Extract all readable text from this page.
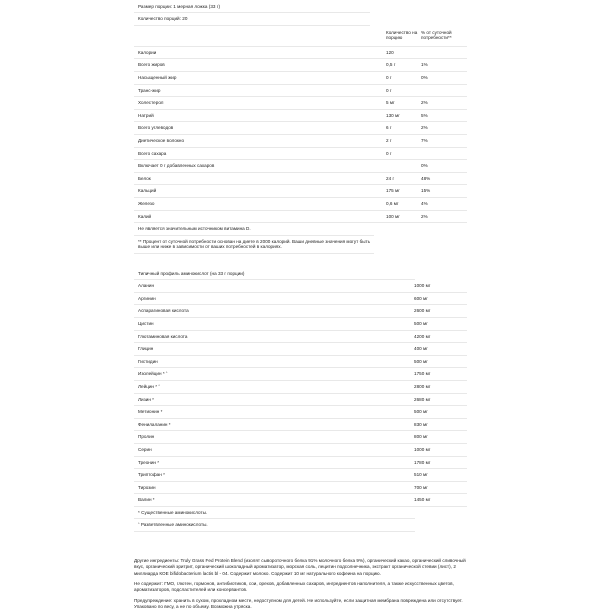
Размер порции: 1 мерная ложка (33 г)
Количество порций: 20
Количество на порцию
% от суточной потребности**
Калории	120
Всего жиров	0,5 г	1%
Насыщенный жир	0 г	0%
Транс-жир	0 г
Холестерол	5 мг	2%
Натрий	130 мг	5%
Всего углеводов	6 г	2%
Диетическое волокно	2 г	7%
Всего сахара	0 г
Включает 0 г добавленных сахаров	0%
Белок	24 г	48%
Кальций	175 мг	15%
Железо	0,6 мг	4%
Калий	100 мг	2%
Не является значительным источником витамина D.
** Процент от суточной потребности основан на диете в 2000 калорий. Ваши дневные значения могут быть выше или ниже в зависимости от ваших потребностей в калориях.
Типичный профиль аминокислот (на 33 г порции)
Аланин	1000 мг
Аргинин	600 мг
Аспарагиновая кислота	2600 мг
Цистин	500 мг
Глютаминовая кислота	4200 мг
Глицин	400 мг
Гистидин	500 мг
Изолейцин * ˆ	1750 мг
Лейцин * ˆ	2800 мг
Лизин *	2680 мг
Метионин *	500 мг
Фенилаланин *	830 мг
Пролин	800 мг
Серин	1000 мг
Треонин *	1780 мг
Триптофан *	510 мг
Тирозин	700 мг
Валин *	1450 мг
* Существенные аминокислоты.
ˆ Разветвленные аминокислоты.
Другие ингредиенты: Truly Grass Fed Protein Blend (изолят сывороточного белка 91% молочного белка 9%), органический какао, органический сливочный вкус, органический эритрит, органический шоколадный ароматизатор, морская соль, лецитин подсолнечника, экстракт органической стевии (лист), 2 миллиарда КОЕ bifidobacterium lactis bl - 04. Содержит молоко. Содержит 10 мг натурального кофеина на порцию.
Не содержит: ГМО, глютен, гормонов, антибиотиков, сои, орехов, добавленных сахаров, ингредиентов наполнителя, а также искусственных цветов, ароматизаторов, подсластителей или консервантов.
Предупреждение: хранить в сухом, прохладном месте, недоступном для детей. Не используйте, если защитная мембрана повреждена или отсутствует. Упаковано по весу, а не по объему. Возможна утряска.
